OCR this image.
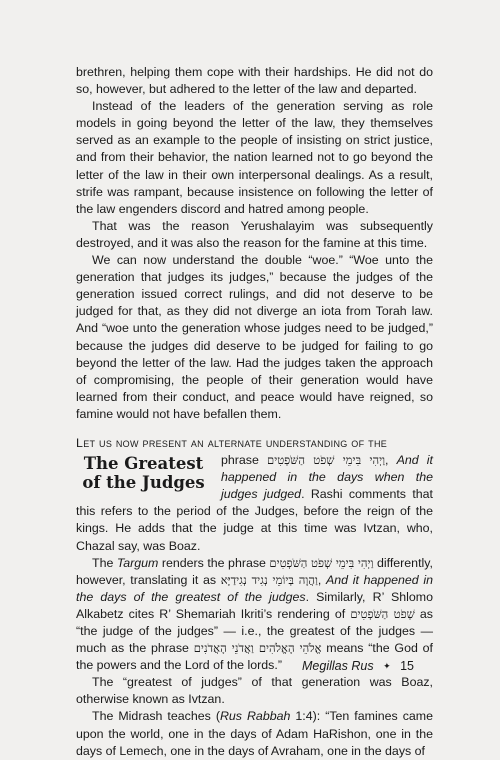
brethren, helping them cope with their hardships. He did not do so, however, but adhered to the letter of the law and departed.

Instead of the leaders of the generation serving as role models in going beyond the letter of the law, they themselves served as an example to the people of insisting on strict justice, and from their behavior, the nation learned not to go beyond the letter of the law in their own interpersonal dealings. As a result, strife was rampant, because insistence on following the letter of the law engenders discord and hatred among people.

That was the reason Yerushalayim was subsequently destroyed, and it was also the reason for the famine at this time.

We can now understand the double “woe.” “Woe unto the generation that judges its judges,” because the judges of the generation issued correct rulings, and did not deserve to be judged for that, as they did not diverge an iota from Torah law. And “woe unto the generation whose judges need to be judged,” because the judges did deserve to be judged for failing to go beyond the letter of the law. Had the judges taken the approach of compromising, the people of their generation would have learned from their conduct, and peace would have reigned, so famine would not have befallen them.

Let us now present an alternate understanding of the

The Greatest
of the Judges

phrase וַיְהִי בִּימֵי שְׁפֹט הַשֹּׁפְטִים, And it happened in the days when the judges judged. Rashi comments that this refers to the period of the Judges, before the reign of the kings. He adds that the judge at this time was Ivtzan, who, Chazal say, was Boaz.

The Targum renders the phrase וַיְהִי בִּימֵי שְׁפֹט הַשֹּׁפְטִים differently, however, translating it as וַהֲוָה בְּיוֹמֵי נְגִיד נְגִידַיָּא, And it happened in the days of the greatest of the judges. Similarly, R’ Shlomo Alkabetz cites R’ Shemariah Ikriti’s rendering of שְׁפֹט הַשֹּׁפְטִים as “the judge of the judges” — i.e., the greatest of the judges — much as the phrase אֱלֹהֵי הָאֱלֹהִים וַאֲדֹנֵי הָאֲדֹנִים means “the God of the powers and the Lord of the lords.”

The “greatest of judges” of that generation was Boaz, otherwise known as Ivtzan.

The Midrash teaches (Rus Rabbah 1:4): “Ten famines came upon the world, one in the days of Adam HaRishon, one in the days of Lemech, one in the days of Avraham, one in the days of

Megillas Rus ✦ 15
